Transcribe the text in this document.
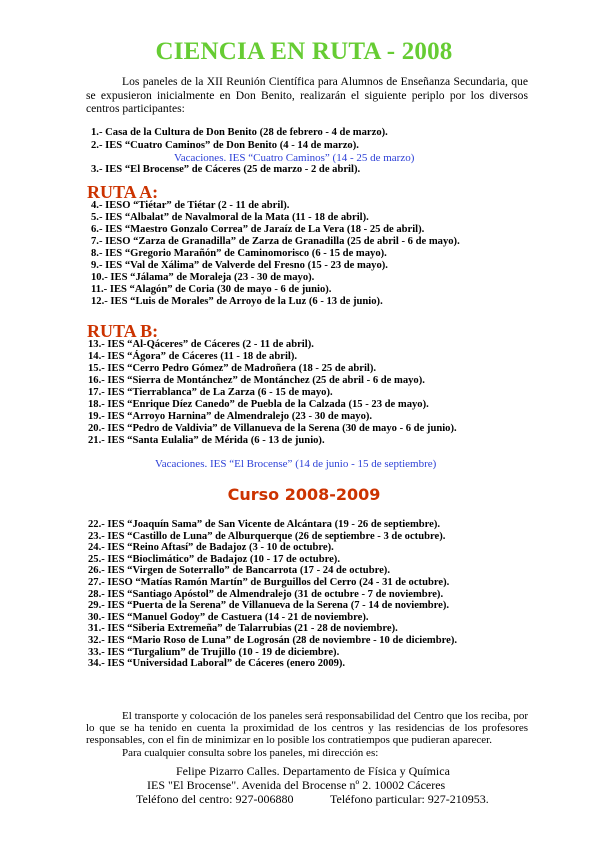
CIENCIA EN RUTA - 2008
Los paneles de la XII Reunión Científica para Alumnos de Enseñanza Secundaria, que se expusieron inicialmente en Don Benito, realizarán el siguiente periplo por los diversos centros participantes:
1.- Casa de la Cultura de Don Benito (28 de febrero - 4 de marzo).
2.- IES “Cuatro Caminos” de Don Benito (4 - 14 de marzo).
Vacaciones. IES “Cuatro Caminos” (14 - 25 de marzo)
3.- IES “El Brocense” de Cáceres (25 de marzo - 2 de abril).
RUTA A:
4.- IESO “Tiétar” de Tiétar (2 - 11 de abril).
5.- IES “Albalat” de Navalmoral de la Mata (11 - 18 de abril).
6.- IES “Maestro Gonzalo Correa” de Jaraíz de La Vera (18 - 25 de abril).
7.- IESO “Zarza de Granadilla” de Zarza de Granadilla (25 de abril - 6 de mayo).
8.- IES “Gregorio Marañón” de Caminomorisco (6 - 15 de mayo).
9.- IES “Val de Xálima” de Valverde del Fresno (15 - 23 de mayo).
10.- IES “Jálama” de Moraleja (23 - 30 de mayo).
11.- IES “Alagón” de Coria (30 de mayo - 6 de junio).
12.- IES “Luis de Morales” de Arroyo de la Luz (6 - 13 de junio).
RUTA B:
13.- IES “Al-Qáceres” de Cáceres (2 - 11 de abril).
14.- IES “Ágora” de Cáceres (11 - 18 de abril).
15.- IES “Cerro Pedro Gómez” de Madroñera (18 - 25 de abril).
16.- IES “Sierra de Montánchez” de Montánchez (25 de abril - 6 de mayo).
17.- IES “Tierrablanca” de La Zarza (6 - 15 de mayo).
18.- IES “Enrique Díez Canedo” de Puebla de la Calzada (15 - 23 de mayo).
19.- IES “Arroyo Harnina” de Almendralejo (23 - 30 de mayo).
20.- IES “Pedro de Valdivia” de Villanueva de la Serena (30 de mayo - 6 de junio).
21.- IES “Santa Eulalia” de Mérida (6 - 13 de junio).
Vacaciones. IES “El Brocense” (14 de junio - 15 de septiembre)
Curso 2008-2009
22.- IES “Joaquín Sama” de San Vicente de Alcántara (19 - 26 de septiembre).
23.- IES “Castillo de Luna” de Alburquerque (26 de septiembre - 3 de octubre).
24.- IES “Reino Aftasí” de Badajoz (3 - 10 de octubre).
25.- IES “Bioclimático” de Badajoz (10 - 17 de octubre).
26.- IES “Virgen de Soterrallo” de Bancarrota (17 - 24 de octubre).
27.- IESO “Matías Ramón Martín” de Burguillos del Cerro (24 - 31 de octubre).
28.- IES “Santiago Apóstol” de Almendralejo (31 de octubre - 7 de noviembre).
29.- IES “Puerta de la Serena” de Villanueva de la Serena (7 - 14 de noviembre).
30.- IES “Manuel Godoy” de Castuera (14 - 21 de noviembre).
31.- IES “Siberia Extremeña” de Talarrubias (21 - 28 de noviembre).
32.- IES “Mario Roso de Luna” de Logrosán (28 de noviembre - 10 de diciembre).
33.- IES “Turgalium” de Trujillo (10 - 19 de diciembre).
34.- IES “Universidad Laboral” de Cáceres (enero 2009).
El transporte y colocación de los paneles será responsabilidad del Centro que los reciba, por lo que se ha tenido en cuenta la proximidad de los centros y las residencias de los profesores responsables, con el fin de minimizar en lo posible los contratiempos que pudieran aparecer.
Para cualquier consulta sobre los paneles, mi dirección es:
Felipe Pizarro Calles. Departamento de Física y Química
IES "El Brocense". Avenida del Brocense nº 2. 10002 Cáceres
Teléfono del centro: 927-006880	Teléfono particular: 927-210953.
